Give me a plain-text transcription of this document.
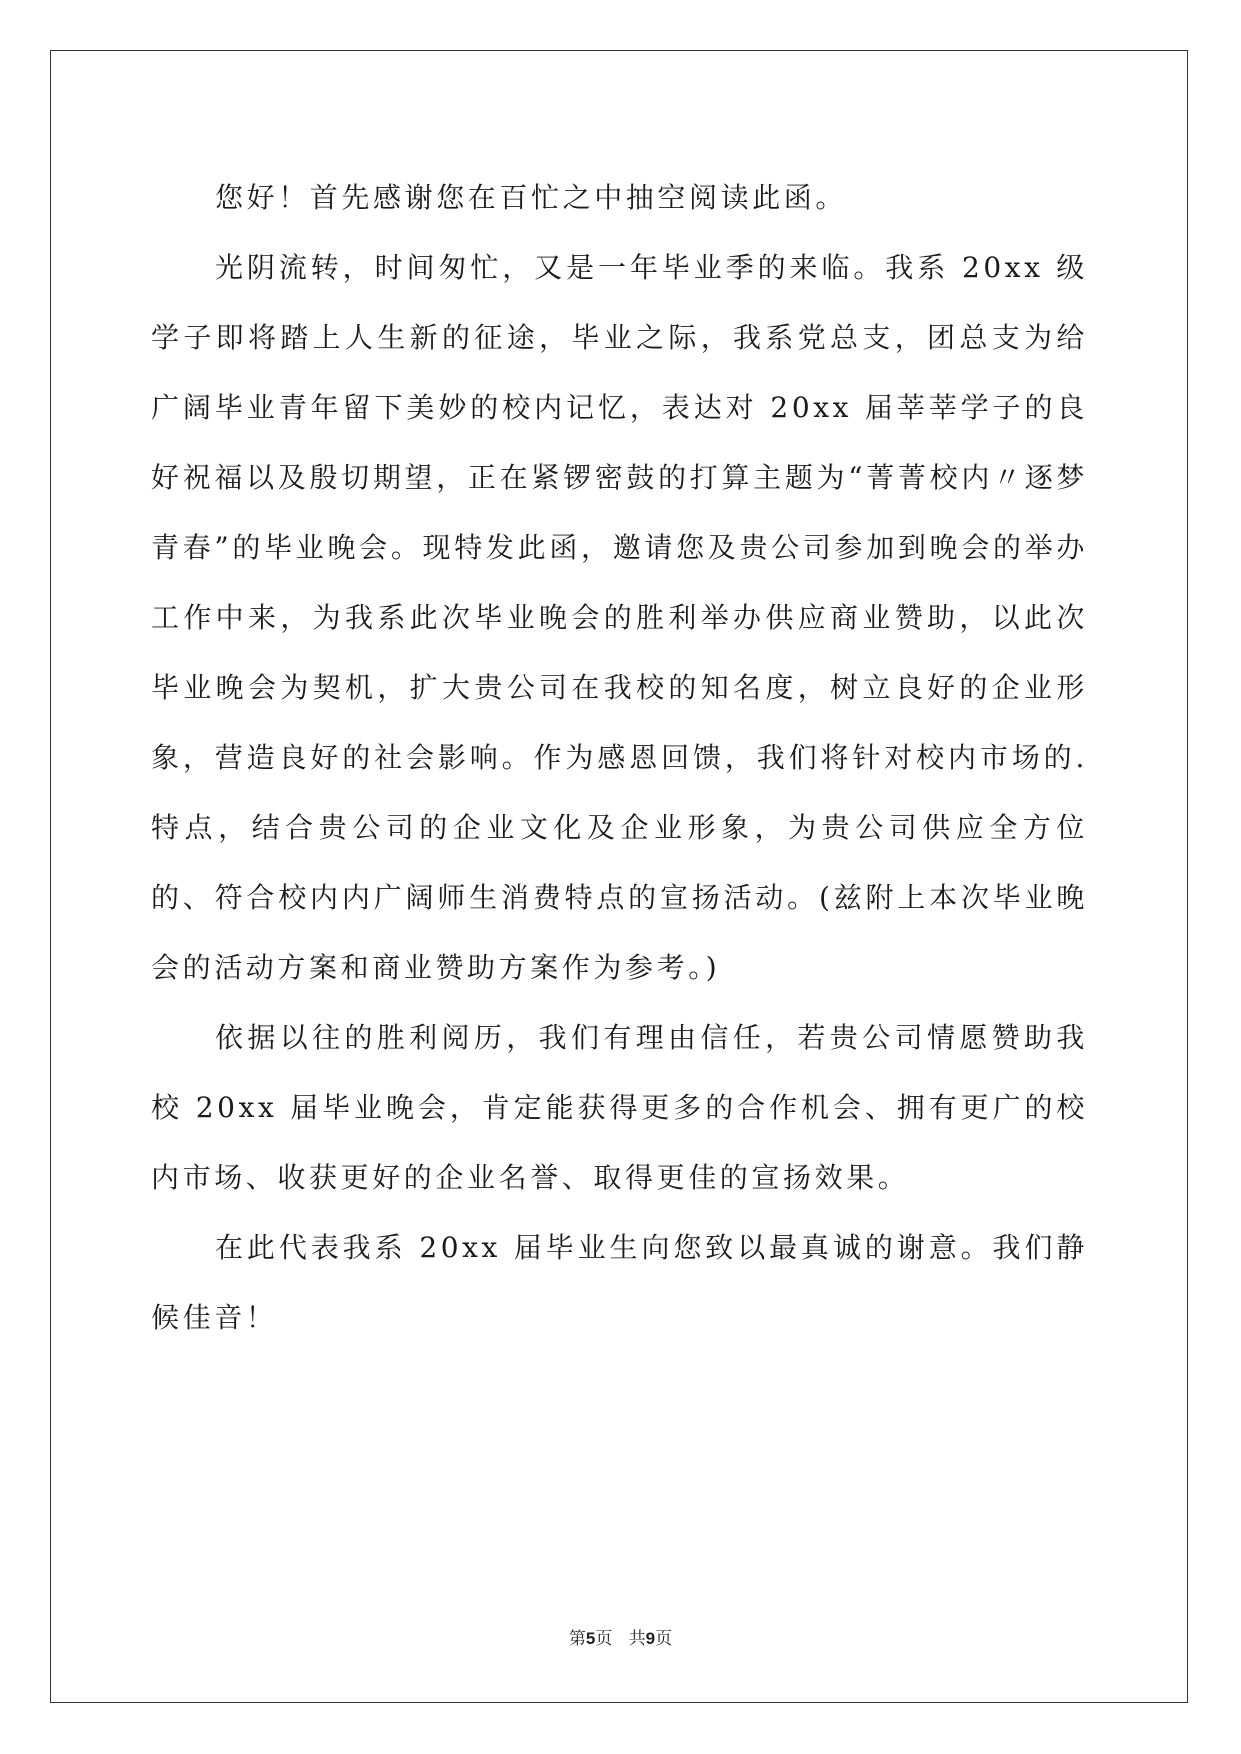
您好！首先感谢您在百忙之中抽空阅读此函。

光阴流转，时间匆忙，又是一年毕业季的来临。我系 20xx 级学子即将踏上人生新的征途，毕业之际，我系党总支，团总支为给广阔毕业青年留下美妙的校内记忆，表达对 20xx 届莘莘学子的良好祝福以及殷切期望，正在紧锣密鼓的打算主题为“菁菁校内〃逐梦青春”的毕业晚会。现特发此函，邀请您及贵公司参加到晚会的举办工作中来，为我系此次毕业晚会的胜利举办供应商业赞助，以此次毕业晚会为契机，扩大贵公司在我校的知名度，树立良好的企业形象，营造良好的社会影响。作为感恩回馈，我们将针对校内市场的.特点，结合贵公司的企业文化及企业形象，为贵公司供应全方位的、符合校内内广阔师生消费特点的宣扬活动。(兹附上本次毕业晚会的活动方案和商业赞助方案作为参考。)

依据以往的胜利阅历，我们有理由信任，若贵公司情愿赞助我校 20xx 届毕业晚会，肯定能获得更多的合作机会、拥有更广的校内市场、收获更好的企业名誉、取得更佳的宣扬效果。

在此代表我系 20xx 届毕业生向您致以最真诚的谢意。我们静候佳音！

第5页   共9页
